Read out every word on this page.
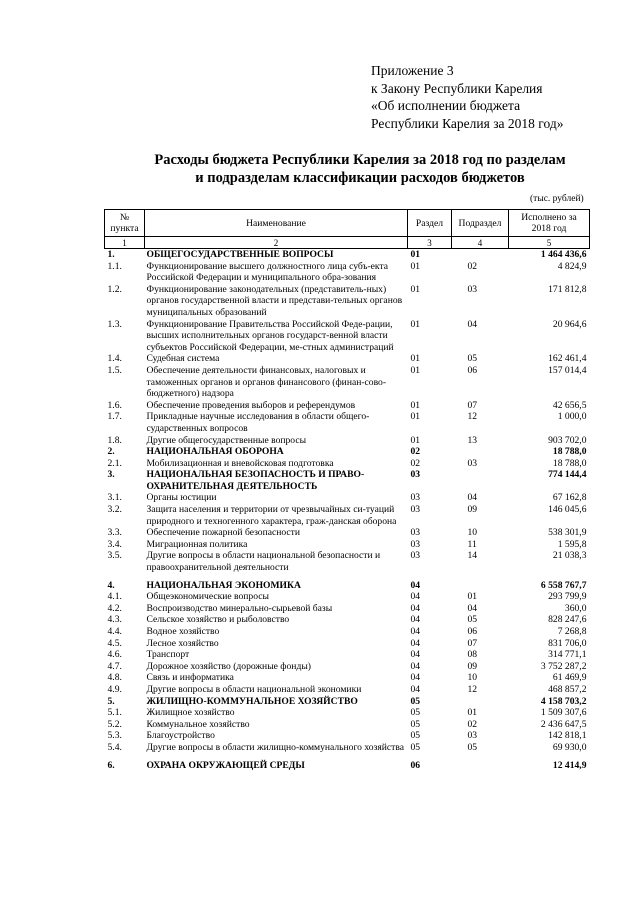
Приложение 3
к Закону Республики Карелия
«Об исполнении бюджета
Республики Карелия за 2018 год»
Расходы бюджета Республики Карелия за 2018 год по разделам
и подразделам классификации расходов бюджетов
(тыс. рублей)
№ пункта	Наименование	Раздел	Подраздел	Исполнено за 2018 год
1	2	3	4	5
1.	ОБЩЕГОСУДАРСТВЕННЫЕ ВОПРОСЫ	01		1 464 436,6
1.1.	Функционирование высшего должностного лица субъ-екта Российской Федерации и муниципального обра-зования	01	02	4 824,9
1.2.	Функционирование законодательных (представитель-ных) органов государственной власти и представи-тельных органов муниципальных образований	01	03	171 812,8
1.3.	Функционирование Правительства Российской Феде-рации, высших исполнительных органов государст-венной власти субъектов Российской Федерации, ме-стных администраций	01	04	20 964,6
1.4.	Судебная система	01	05	162 461,4
1.5.	Обеспечение деятельности финансовых, налоговых и таможенных органов и органов финансового (финан-сово-бюджетного) надзора	01	06	157 014,4
1.6.	Обеспечение проведения выборов и референдумов	01	07	42 656,5
1.7.	Прикладные научные исследования в области общего-сударственных вопросов	01	12	1 000,0
1.8.	Другие общегосударственные вопросы	01	13	903 702,0
2.	НАЦИОНАЛЬНАЯ ОБОРОНА	02		18 788,0
2.1.	Мобилизационная и вневойсковая подготовка	02	03	18 788,0
3.	НАЦИОНАЛЬНАЯ БЕЗОПАСНОСТЬ И ПРАВО-ОХРАНИТЕЛЬНАЯ ДЕЯТЕЛЬНОСТЬ	03		774 144,4
3.1.	Органы юстиции	03	04	67 162,8
3.2.	Защита населения и территории от чрезвычайных си-туаций природного и техногенного характера, граж-данская оборона	03	09	146 045,6
3.3.	Обеспечение пожарной безопасности	03	10	538 301,9
3.4.	Миграционная политика	03	11	1 595,8
3.5.	Другие вопросы в области национальной безопасности и правоохранительной деятельности	03	14	21 038,3
4.	НАЦИОНАЛЬНАЯ ЭКОНОМИКА	04		6 558 767,7
4.1.	Общеэкономические вопросы	04	01	293 799,9
4.2.	Воспроизводство минерально-сырьевой базы	04	04	360,0
4.3.	Сельское хозяйство и рыболовство	04	05	828 247,6
4.4.	Водное хозяйство	04	06	7 268,8
4.5.	Лесное хозяйство	04	07	831 706,0
4.6.	Транспорт	04	08	314 771,1
4.7.	Дорожное хозяйство (дорожные фонды)	04	09	3 752 287,2
4.8.	Связь и информатика	04	10	61 469,9
4.9.	Другие вопросы в области национальной экономики	04	12	468 857,2
5.	ЖИЛИЩНО-КОММУНАЛЬНОЕ ХОЗЯЙСТВО	05		4 158 703,2
5.1.	Жилищное хозяйство	05	01	1 509 307,6
5.2.	Коммунальное хозяйство	05	02	2 436 647,5
5.3.	Благоустройство	05	03	142 818,1
5.4.	Другие вопросы в области жилищно-коммунального хозяйства	05	05	69 930,0
6.	ОХРАНА ОКРУЖАЮЩЕЙ СРЕДЫ	06		12 414,9
